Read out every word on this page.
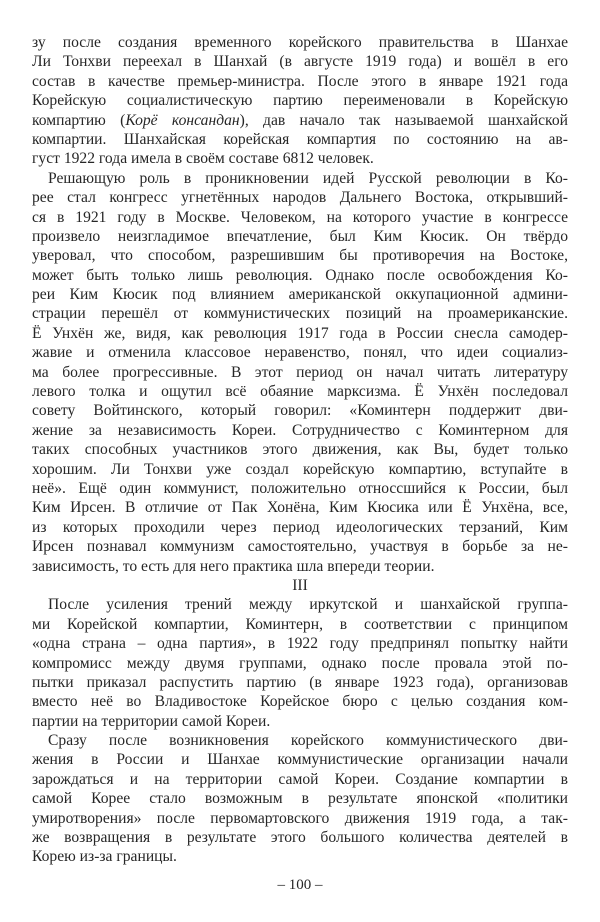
зу после создания временного корейского правительства в Шанхае
Ли Тонхви переехал в Шанхай (в августе 1919 года) и вошёл в его
состав в качестве премьер-министра. После этого в январе 1921 года
Корейскую социалистическую партию переименовали в Корейскую
компартию (Корё консандан), дав начало так называемой шанхайской
компартии. Шанхайская корейская компартия по состоянию на ав-
густ 1922 года имела в своём составе 6812 человек.
Решающую роль в проникновении идей Русской революции в Ко-
рее стал конгресс угнетённых народов Дальнего Востока, открывший-
ся в 1921 году в Москве. Человеком, на которого участие в конгрессе
произвело неизгладимое впечатление, был Ким Кюсик. Он твёрдо
уверовал, что способом, разрешившим бы противоречия на Востоке,
может быть только лишь революция. Однако после освобождения Ко-
реи Ким Кюсик под влиянием американской оккупационной админи-
страции перешёл от коммунистических позиций на проамериканские.
Ё Унхён же, видя, как революция 1917 года в России снесла самодер-
жавие и отменила классовое неравенство, понял, что идеи социализ-
ма более прогрессивные. В этот период он начал читать литературу
левого толка и ощутил всё обаяние марксизма. Ё Унхён последовал
совету Войтинского, который говорил: «Коминтерн поддержит дви-
жение за независимость Кореи. Сотрудничество с Коминтерном для
таких способных участников этого движения, как Вы, будет только
хорошим. Ли Тонхви уже создал корейскую компартию, вступайте в
неё». Ещё один коммунист, положительно относсшийся к России, был
Ким Ирсен. В отличие от Пак Хонёна, Ким Кюсика или Ё Унхёна, все,
из которых проходили через период идеологических терзаний, Ким
Ирсен познавал коммунизм самостоятельно, участвуя в борьбе за не-
зависимость, то есть для него практика шла впереди теории.
III
После усиления трений между иркутской и шанхайской группа-
ми Корейской компартии, Коминтерн, в соответствии с принципом
«одна страна – одна партия», в 1922 году предпринял попытку найти
компромисс между двумя группами, однако после провала этой по-
пытки приказал распустить партию (в январе 1923 года), организовав
вместо неё во Владивостоке Корейское бюро с целью создания ком-
партии на территории самой Кореи.
Сразу после возникновения корейского коммунистического дви-
жения в России и Шанхае коммунистические организации начали
зарождаться и на территории самой Кореи. Создание компартии в
самой Корее стало возможным в результате японской «политики
умиротворения» после первомартовского движения 1919 года, а так-
же возвращения в результате этого большого количества деятелей в
Корею из-за границы.
– 100 –
